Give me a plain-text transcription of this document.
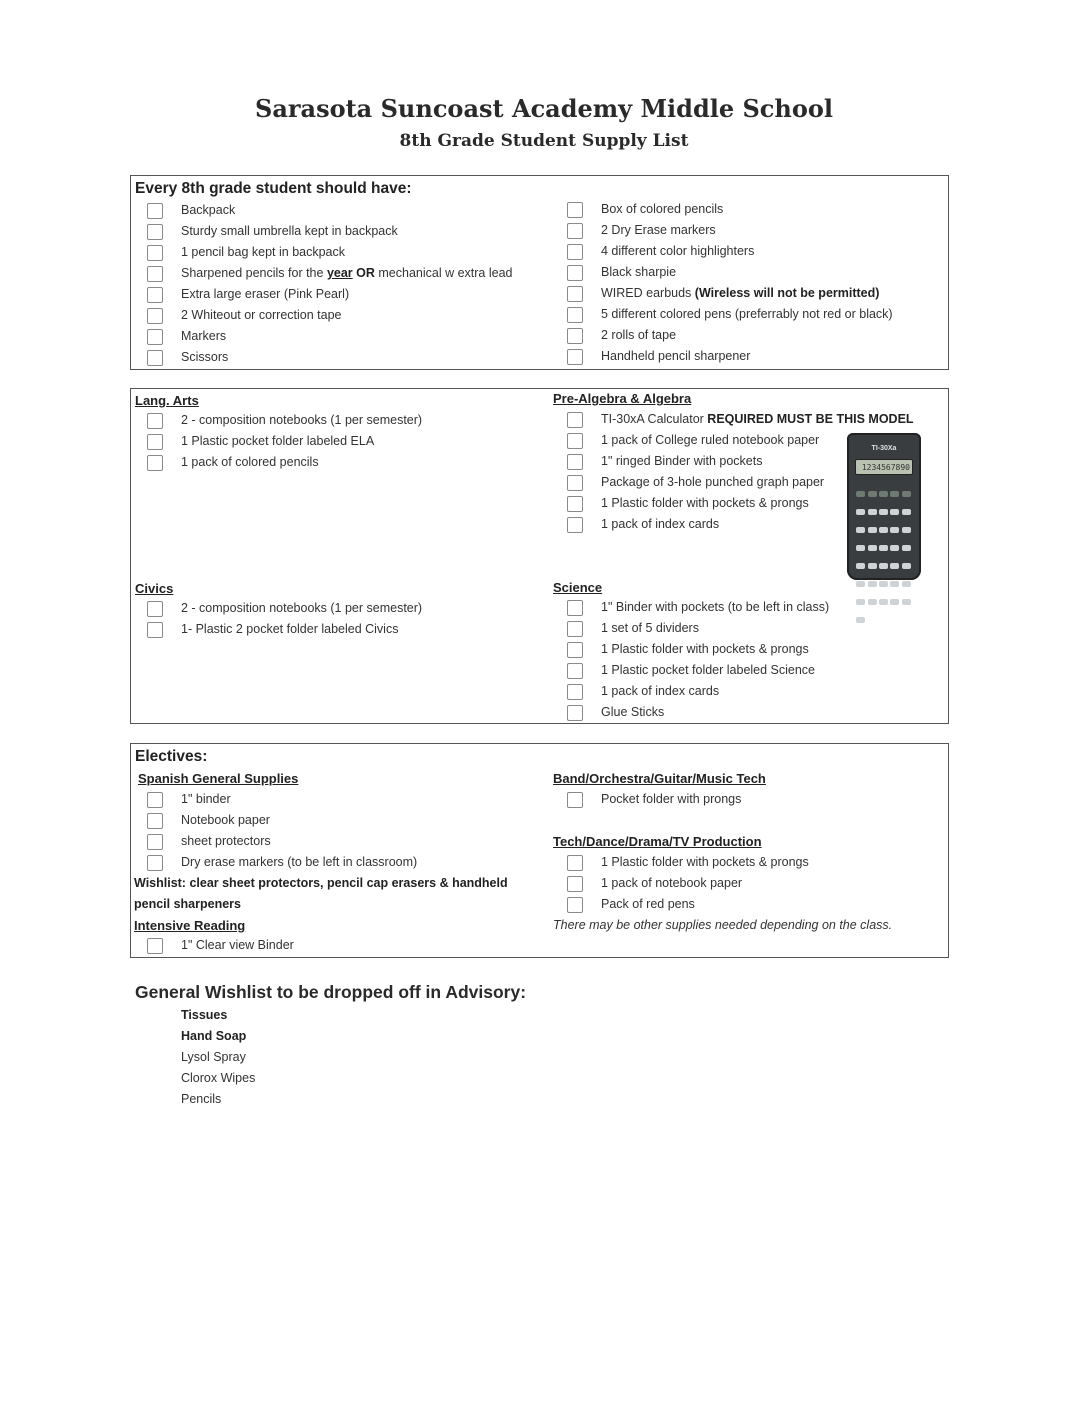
Sarasota Suncoast Academy Middle School
8th Grade Student Supply List
Every 8th grade student should have:
Backpack
Sturdy small umbrella kept in backpack
1 pencil bag kept in backpack
Sharpened pencils for the year OR mechanical w extra lead
Extra large eraser (Pink Pearl)
2 Whiteout or correction tape
Markers
Scissors
Box of colored pencils
2 Dry Erase markers
4 different color highlighters
Black sharpie
WIRED earbuds (Wireless will not be permitted)
5 different colored pens (preferrably not red or black)
2 rolls of tape
Handheld pencil sharpener
Lang. Arts
2 - composition notebooks (1 per semester)
1 Plastic pocket folder labeled ELA
1 pack of colored pencils
Pre-Algebra & Algebra
TI-30xA Calculator REQUIRED MUST BE THIS MODEL
1 pack of College ruled notebook paper
1" ringed Binder with pockets
Package of 3-hole punched graph paper
1 Plastic folder with pockets & prongs
1 pack of index cards
TI-30Xa
1234567890
Civics
2 - composition notebooks (1 per semester)
1- Plastic 2 pocket folder labeled Civics
Science
1" Binder with pockets (to be left in class)
1 set of 5 dividers
1 Plastic folder with pockets & prongs
1 Plastic pocket folder labeled Science
1 pack of index cards
Glue Sticks
Electives:
Spanish General Supplies
1" binder
Notebook paper
sheet protectors
Dry erase markers (to be left in classroom)
Wishlist: clear sheet protectors, pencil cap erasers & handheld
pencil sharpeners
Intensive Reading
1" Clear view Binder
Band/Orchestra/Guitar/Music Tech
Pocket folder with prongs
Tech/Dance/Drama/TV Production
1 Plastic folder with pockets & prongs
1 pack of notebook paper
Pack of red pens
There may be other supplies needed depending on the class.
General Wishlist to be dropped off in Advisory:
Tissues
Hand Soap
Lysol Spray
Clorox Wipes
Pencils
